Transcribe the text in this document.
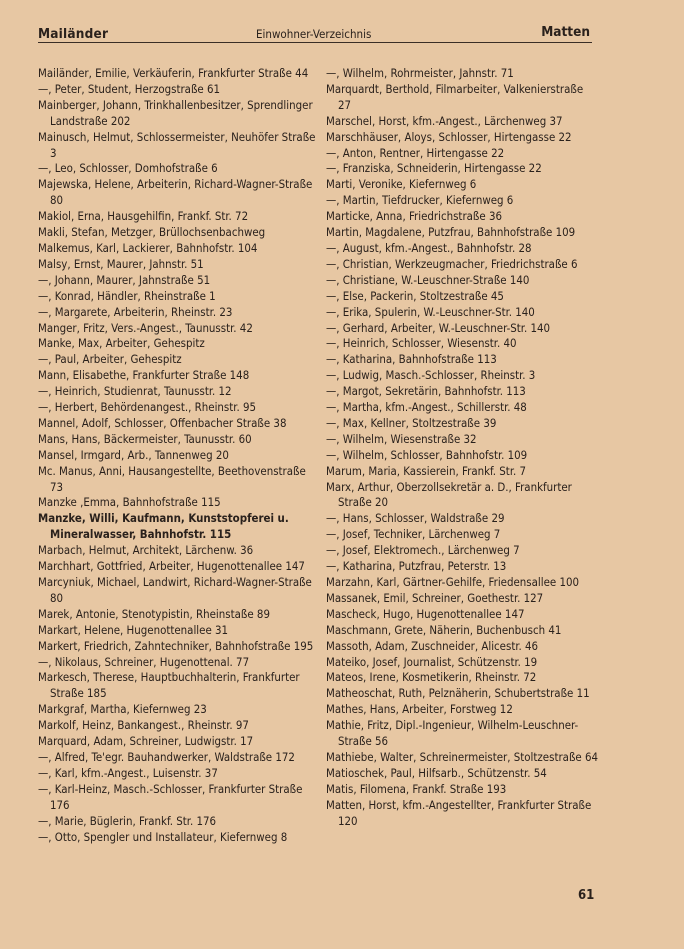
Mailänder	Einwohner-Verzeichnis	Matten

Mailänder, Emilie, Verkäuferin, Frankfurter Straße 44

—, Peter, Student, Herzogstraße 61

Mainberger, Johann, Trinkhallenbesitzer, Sprendlinger Landstraße 202

Mainusch, Helmut, Schlossermeister, Neuhöfer Straße 3

—, Leo, Schlosser, Domhofstraße 6

Majewska, Helene, Arbeiterin, Richard-Wagner-Straße 80

Makiol, Erna, Hausgehilfin, Frankf. Str. 72

Makli, Stefan, Metzger, Brüllochsenbachweg

Malkemus, Karl, Lackierer, Bahnhofstr. 104

Malsy, Ernst, Maurer, Jahnstr. 51

—, Johann, Maurer, Jahnstraße 51

—, Konrad, Händler, Rheinstraße 1

—, Margarete, Arbeiterin, Rheinstr. 23

Manger, Fritz, Vers.-Angest., Taunusstr. 42

Manke, Max, Arbeiter, Gehespitz

—, Paul, Arbeiter, Gehespitz

Mann, Elisabethe, Frankfurter Straße 148

—, Heinrich, Studienrat, Taunusstr. 12

—, Herbert, Behördenangest., Rheinstr. 95

Mannel, Adolf, Schlosser, Offenbacher Straße 38

Mans, Hans, Bäckermeister, Taunusstr. 60

Mansel, Irmgard, Arb., Tannenweg 20

Mc. Manus, Anni, Hausangestellte, Beethovenstraße 73

Manzke ,Emma, Bahnhofstraße 115

Manzke, Willi, Kaufmann, Kunststopferei u. Mineralwasser, Bahnhofstr. 115

Marbach, Helmut, Architekt, Lärchenw. 36

Marchhart, Gottfried, Arbeiter, Hugenottenallee 147

Marcyniuk, Michael, Landwirt, Richard-Wagner-Straße 80

Marek, Antonie, Stenotypistin, Rheinstaße 89

Markart, Helene, Hugenottenallee 31

Markert, Friedrich, Zahntechniker, Bahnhofstraße 195

—, Nikolaus, Schreiner, Hugenottenal. 77

Markesch, Therese, Hauptbuchhalterin, Frankfurter Straße 185

Markgraf, Martha, Kiefernweg 23

Markolf, Heinz, Bankangest., Rheinstr. 97

Marquard, Adam, Schreiner, Ludwigstr. 17

—, Alfred, Te'egr. Bauhandwerker, Waldstraße 172

—, Karl, kfm.-Angest., Luisenstr. 37

—, Karl-Heinz, Masch.-Schlosser, Frankfurter Straße 176

—, Marie, Büglerin, Frankf. Str. 176

—, Otto, Spengler und Installateur, Kiefernweg 8

—, Wilhelm, Rohrmeister, Jahnstr. 71

Marquardt, Berthold, Filmarbeiter, Valkenierstraße 27

Marschel, Horst, kfm.-Angest., Lärchenweg 37

Marschhäuser, Aloys, Schlosser, Hirtengasse 22

—, Anton, Rentner, Hirtengasse 22

—, Franziska, Schneiderin, Hirtengasse 22

Marti, Veronike, Kiefernweg 6

—, Martin, Tiefdrucker, Kiefernweg 6

Marticke, Anna, Friedrichstraße 36

Martin, Magdalene, Putzfrau, Bahnhofstraße 109

—, August, kfm.-Angest., Bahnhofstr. 28

—, Christian, Werkzeugmacher, Friedrichstraße 6

—, Christiane, W.-Leuschner-Straße 140

—, Else, Packerin, Stoltzestraße 45

—, Erika, Spulerin, W.-Leuschner-Str. 140

—, Gerhard, Arbeiter, W.-Leuschner-Str. 140

—, Heinrich, Schlosser, Wiesenstr. 40

—, Katharina, Bahnhofstraße 113

—, Ludwig, Masch.-Schlosser, Rheinstr. 3

—, Margot, Sekretärin, Bahnhofstr. 113

—, Martha, kfm.-Angest., Schillerstr. 48

—, Max, Kellner, Stoltzestraße 39

—, Wilhelm, Wiesenstraße 32

—, Wilhelm, Schlosser, Bahnhofstr. 109

Marum, Maria, Kassierein, Frankf. Str. 7

Marx, Arthur, Oberzollsekretär a. D., Frankfurter Straße 20

—, Hans, Schlosser, Waldstraße 29

—, Josef, Techniker, Lärchenweg 7

—, Josef, Elektromech., Lärchenweg 7

—, Katharina, Putzfrau, Peterstr. 13

Marzahn, Karl, Gärtner-Gehilfe, Friedensallee 100

Massanek, Emil, Schreiner, Goethestr. 127

Mascheck, Hugo, Hugenottenallee 147

Maschmann, Grete, Näherin, Buchenbusch 41

Massoth, Adam, Zuschneider, Alicestr. 46

Mateiko, Josef, Journalist, Schützenstr. 19

Mateos, Irene, Kosmetikerin, Rheinstr. 72

Matheoschat, Ruth, Pelznäherin, Schubertstraße 11

Mathes, Hans, Arbeiter, Forstweg 12

Mathie, Fritz, Dipl.-Ingenieur, Wilhelm-Leuschner-Straße 56

Mathiebe, Walter, Schreinermeister, Stoltzestraße 64

Matioschek, Paul, Hilfsarb., Schützenstr. 54

Matis, Filomena, Frankf. Straße 193

Matten, Horst, kfm.-Angestellter, Frankfurter Straße 120

61
